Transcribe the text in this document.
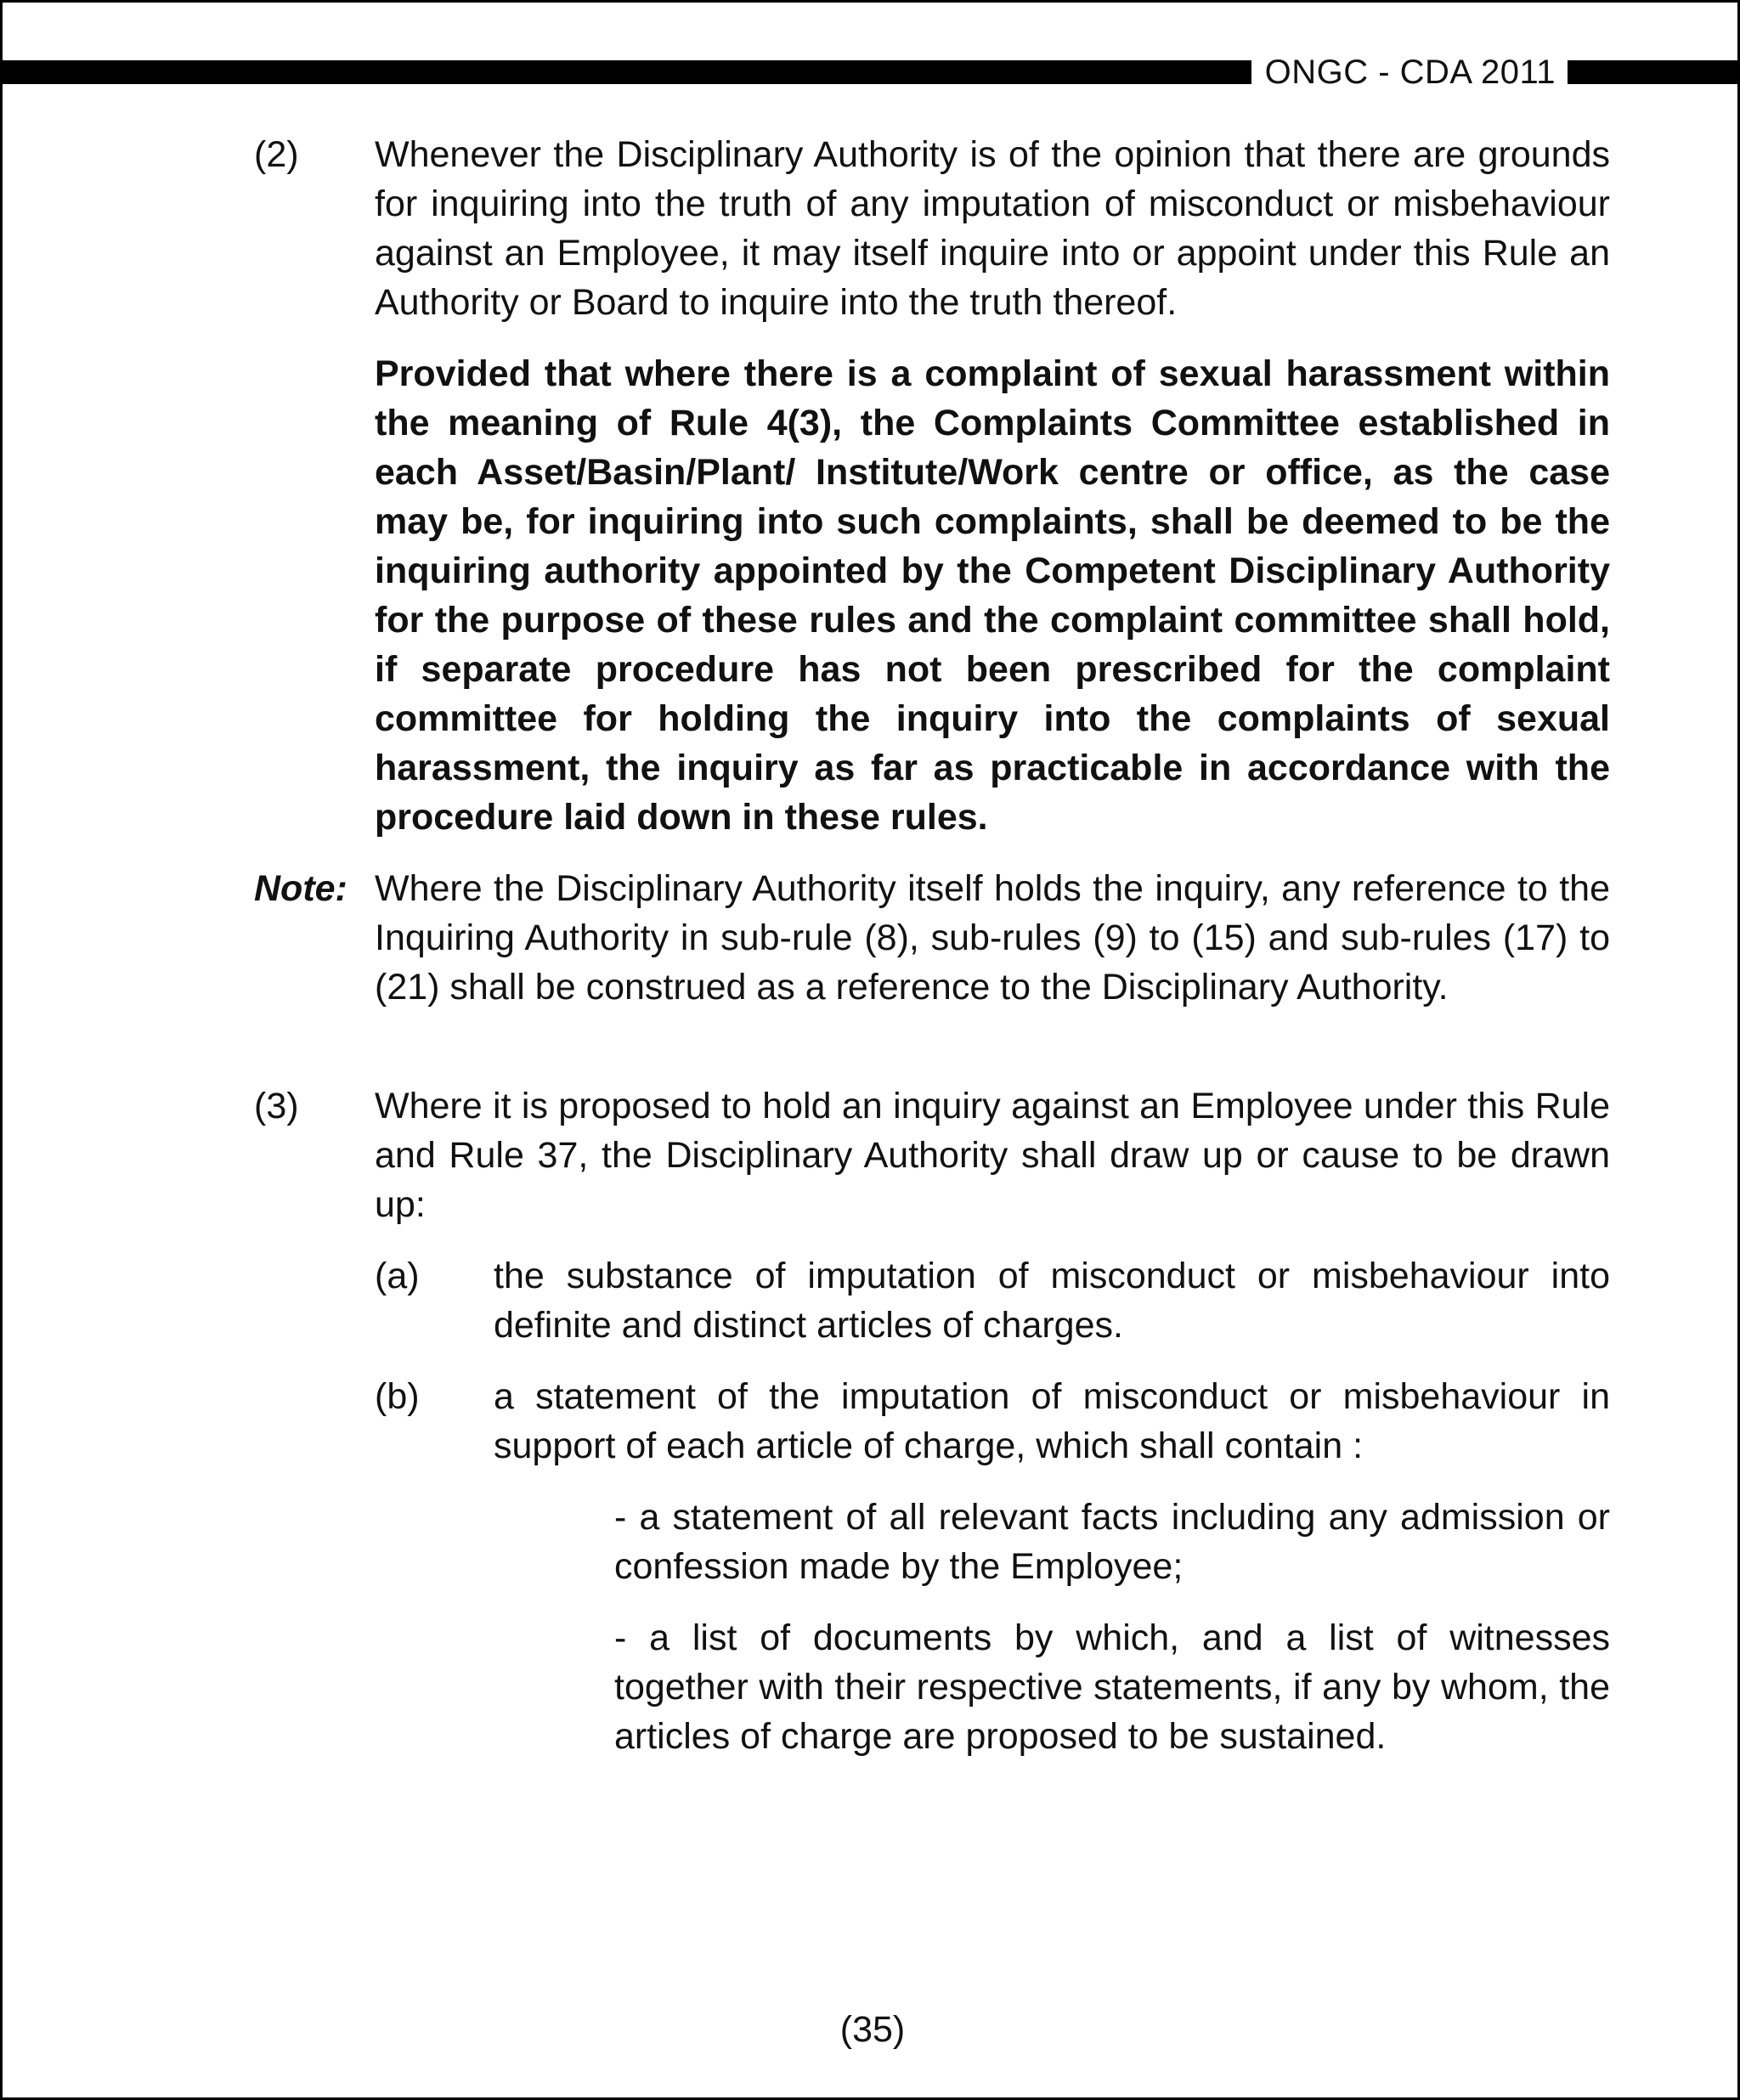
ONGC - CDA 2011
(2)	Whenever the Disciplinary Authority is of the opinion that there are grounds for inquiring into the truth of any imputation of misconduct or misbehaviour against an Employee, it may itself inquire into or appoint under this Rule an Authority or Board to inquire into the truth thereof.

Provided that where there is a complaint of sexual harassment within the meaning of Rule 4(3), the Complaints Committee established in each Asset/Basin/Plant/ Institute/Work centre or office, as the case may be, for inquiring into such complaints, shall be deemed to be the inquiring authority appointed by the Competent Disciplinary Authority for the purpose of these rules and the complaint committee shall hold, if separate procedure has not been prescribed for the complaint committee for holding the inquiry into the complaints of sexual harassment, the inquiry as far as practicable in accordance with the procedure laid down in these rules.

Note: Where the Disciplinary Authority itself holds the inquiry, any reference to the Inquiring Authority in sub-rule (8), sub-rules (9) to (15) and sub-rules (17) to (21) shall be construed as a reference to the Disciplinary Authority.

(3)	Where it is proposed to hold an inquiry against an Employee under this Rule and Rule 37, the Disciplinary Authority shall draw up or cause to be drawn up:

(a)	the substance of imputation of misconduct or misbehaviour into definite and distinct articles of charges.

(b)	a statement of the imputation of misconduct or misbehaviour in support of each article of charge, which shall contain :

- a statement of all relevant facts including any admission or confession made by the Employee;

- a list of documents by which, and a list of witnesses together with their respective statements, if any by whom, the articles of charge are proposed to be sustained.

(35)
